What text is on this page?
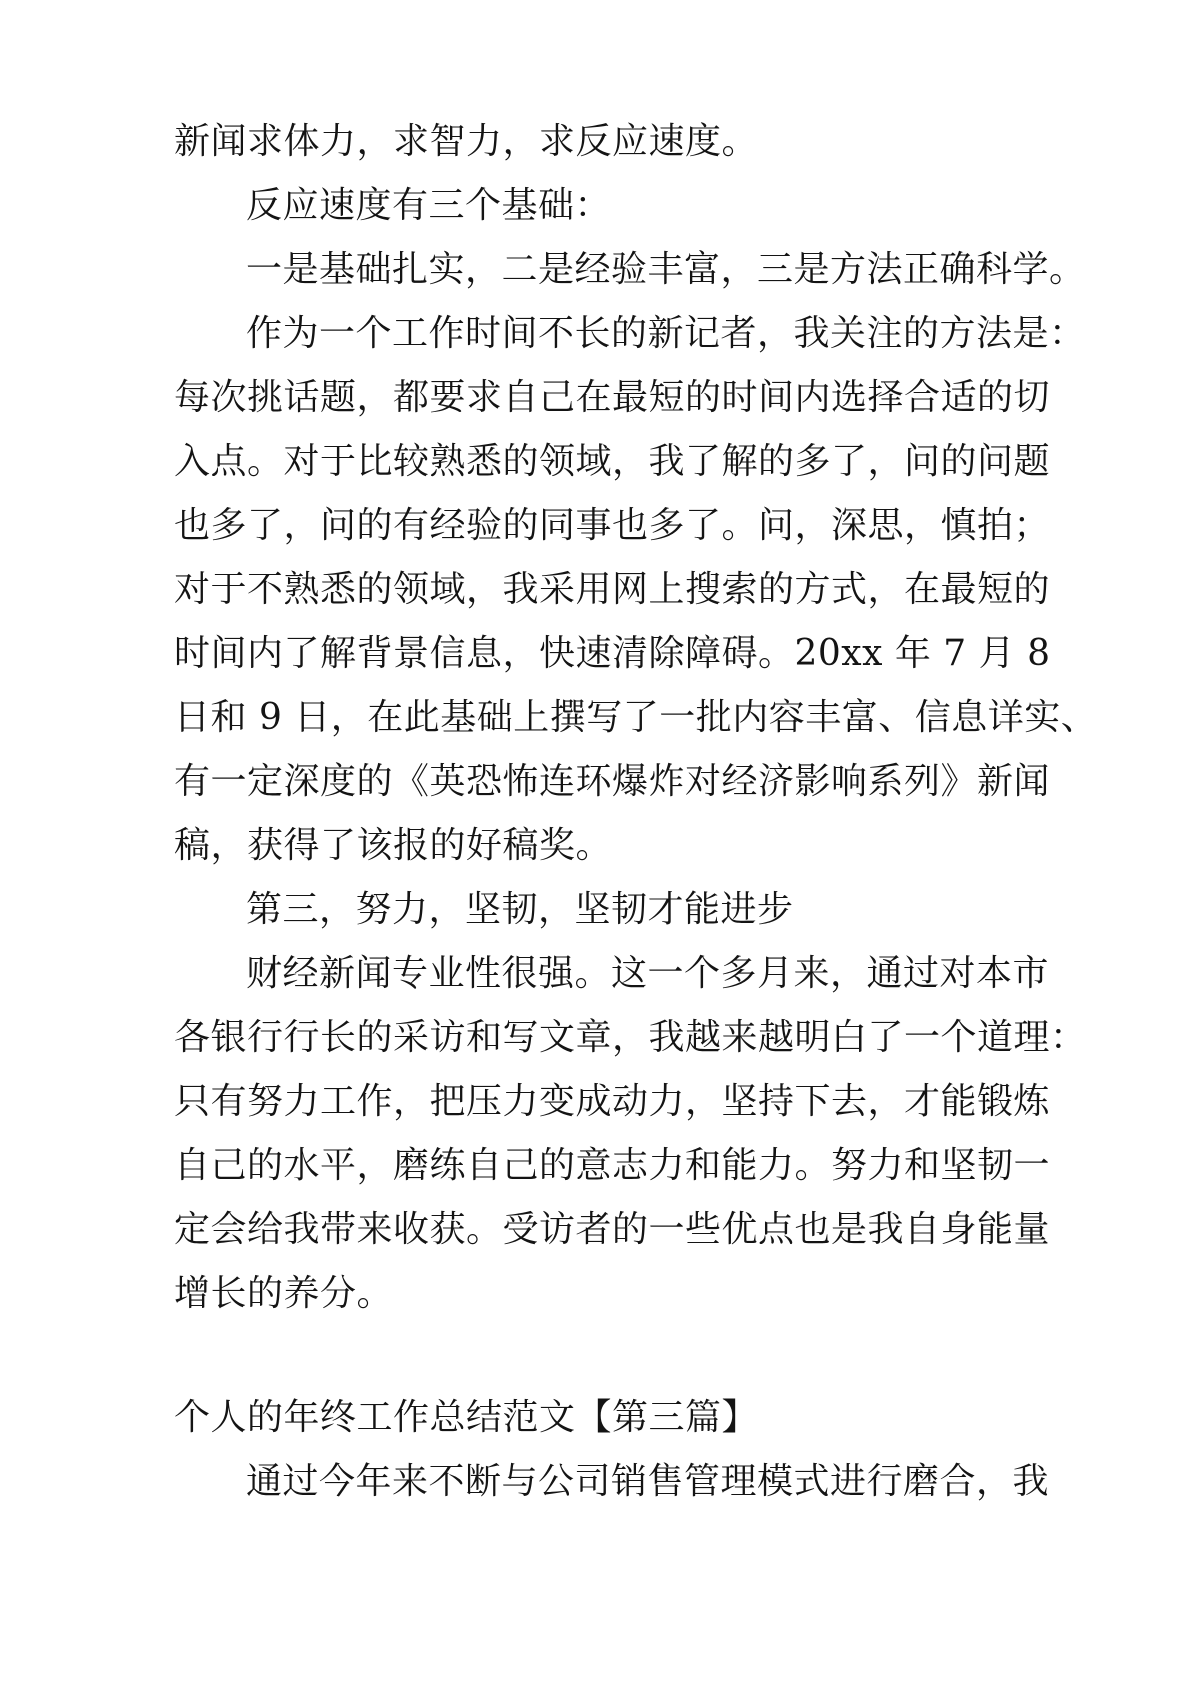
新闻求体力，求智力，求反应速度。
反应速度有三个基础：
一是基础扎实，二是经验丰富，三是方法正确科学。
作为一个工作时间不长的新记者，我关注的方法是：
每次挑话题，都要求自己在最短的时间内选择合适的切
入点。对于比较熟悉的领域，我了解的多了，问的问题
也多了，问的有经验的同事也多了。问，深思，慎拍；
对于不熟悉的领域，我采用网上搜索的方式，在最短的
时间内了解背景信息，快速清除障碍。20xx 年 7 月 8
日和 9 日，在此基础上撰写了一批内容丰富、信息详实、
有一定深度的《英恐怖连环爆炸对经济影响系列》新闻
稿，获得了该报的好稿奖。
第三，努力，坚韧，坚韧才能进步
财经新闻专业性很强。这一个多月来，通过对本市
各银行行长的采访和写文章，我越来越明白了一个道理：
只有努力工作，把压力变成动力，坚持下去，才能锻炼
自己的水平，磨练自己的意志力和能力。努力和坚韧一
定会给我带来收获。受访者的一些优点也是我自身能量
增长的养分。
个人的年终工作总结范文【第三篇】
通过今年来不断与公司销售管理模式进行磨合，我
